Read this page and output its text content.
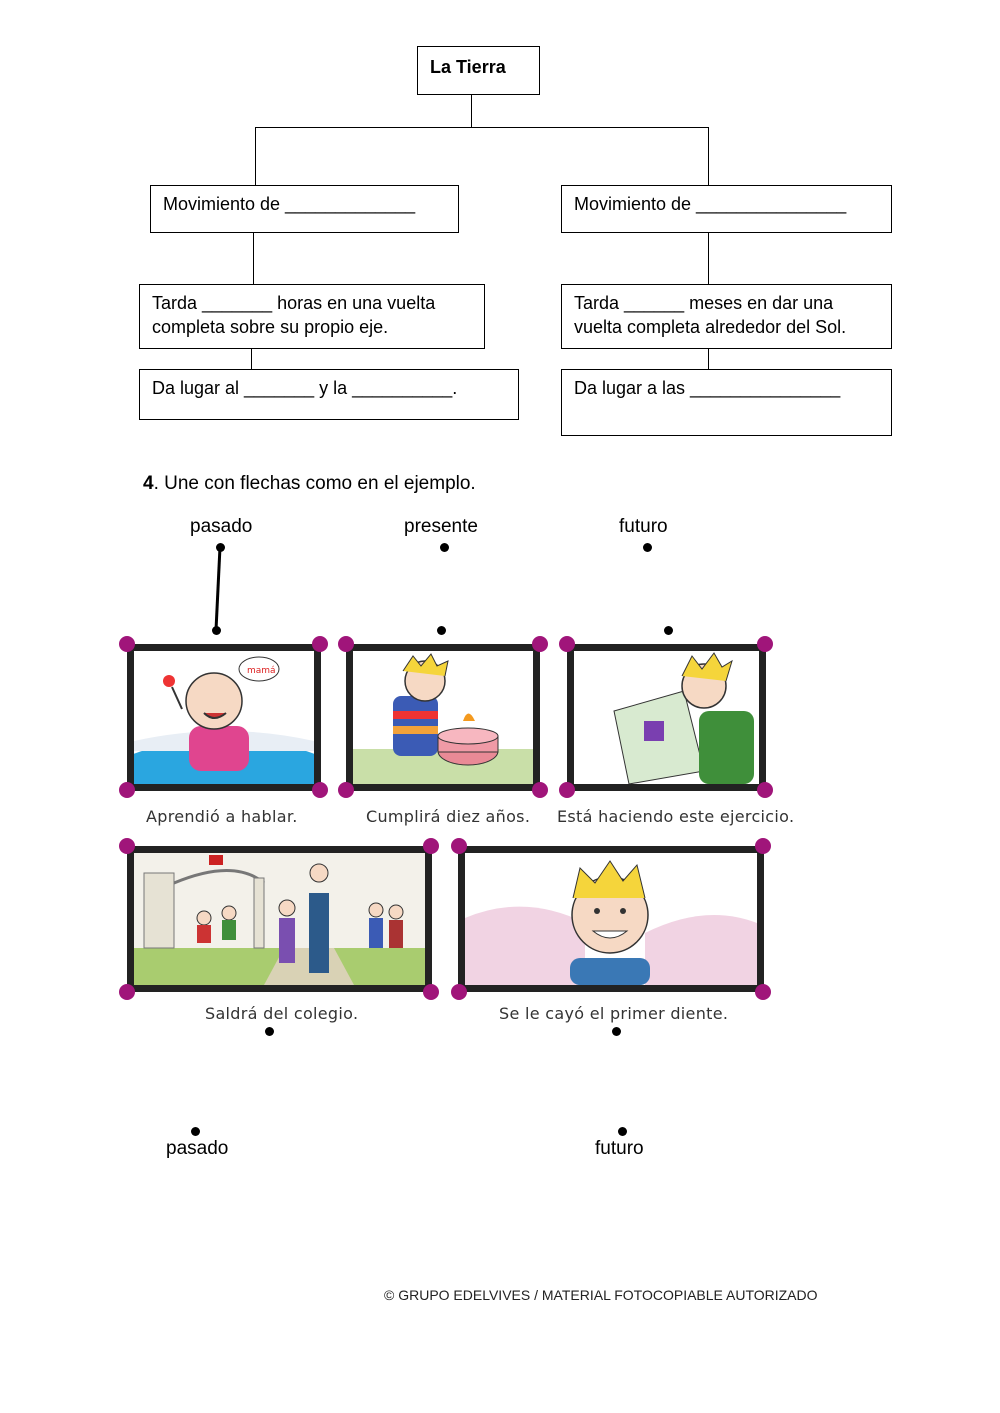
La Tierra
Movimiento de _____________	Movimiento de _______________
Tarda _______ horas en una vuelta completa sobre su propio eje.
Tarda ______ meses en dar una vuelta completa alrededor del Sol.
Da lugar al _______ y la __________.	Da lugar a las _______________
4. Une con flechas como en el ejemplo.
pasado	presente	futuro
mamá
Aprendió a hablar.	Cumplirá diez años. Está haciendo este ejercicio.
Saldrá del colegio.	Se le cayó el primer diente.
pasado	futuro
© GRUPO EDELVIVES / MATERIAL FOTOCOPIABLE AUTORIZADO
